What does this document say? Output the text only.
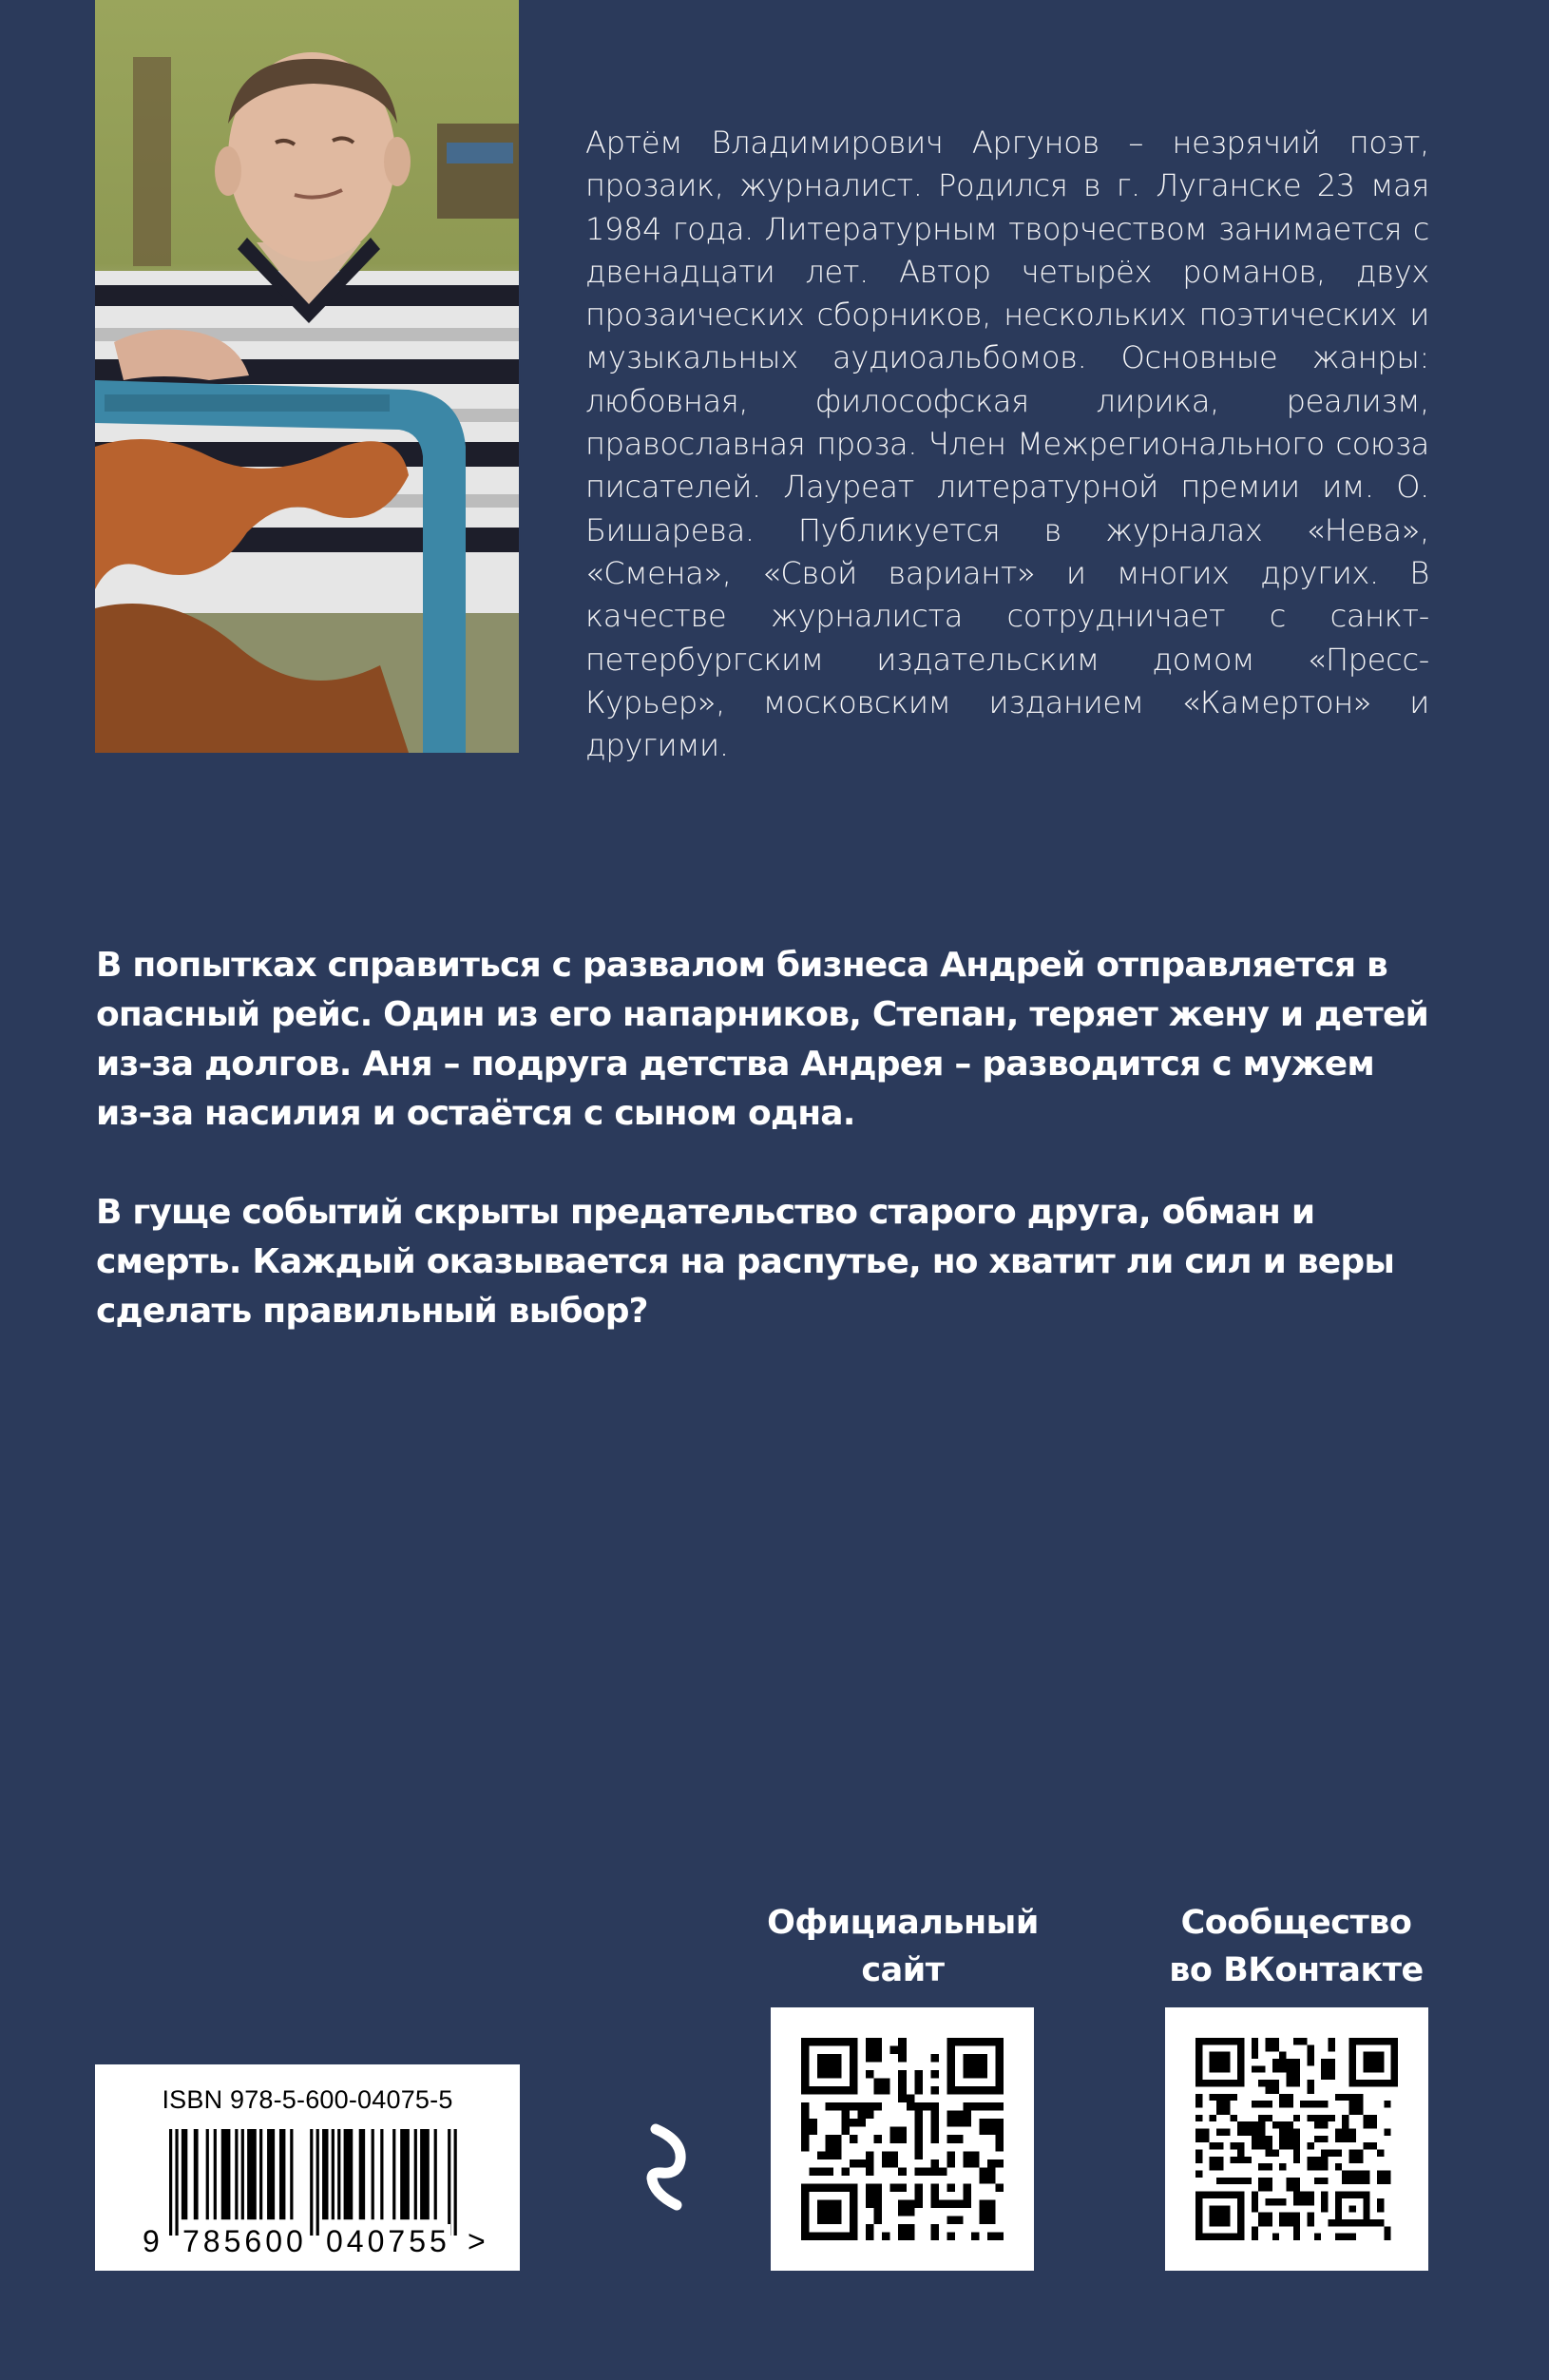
Артём Владимирович Аргунов – незрячий поэт, прозаик, журналист. Родился в г. Луганске 23 мая 1984 года. Литературным творчеством занимается с двенадцати лет. Автор четырёх романов, двух прозаических сборников, нескольких поэтических и музыкальных аудиоальбомов. Основные жанры: любовная, философская лирика, реализм, православная проза. Член Межрегионального союза писателей. Лауреат литературной премии им. О. Бишарева. Публикуется в журналах «Нева», «Смена», «Свой вариант» и многих других. В качестве журналиста сотрудничает с санкт-петербургским издательским домом «Пресс-Курьер», московским изданием «Камертон» и другими.

В попытках справиться с развалом бизнеса Андрей отправляется в опасный рейс. Один из его напарников, Степан, теряет жену и детей из-за долгов. Аня – подруга детства Андрея – разводится с мужем из-за насилия и остаётся с сыном одна.

В гуще событий скрыты предательство старого друга, обман и смерть. Каждый оказывается на распутье, но хватит ли сил и веры сделать правильный выбор?

ISBN 978-5-600-04075-5
9 785600 040755 >
Официальный
сайт
Сообщество
во ВКонтакте
